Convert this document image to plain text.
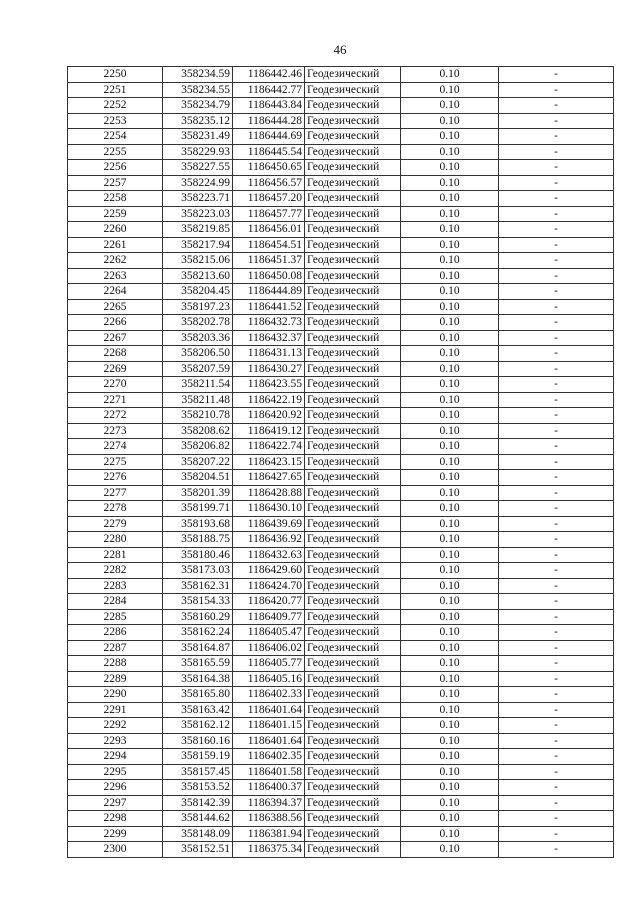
46
2250	358234.59	1186442.46	Геодезический	0.10	-
2251	358234.55	1186442.77	Геодезический	0.10	-
2252	358234.79	1186443.84	Геодезический	0.10	-
2253	358235.12	1186444.28	Геодезический	0.10	-
2254	358231.49	1186444.69	Геодезический	0.10	-
2255	358229.93	1186445.54	Геодезический	0.10	-
2256	358227.55	1186450.65	Геодезический	0.10	-
2257	358224.99	1186456.57	Геодезический	0.10	-
2258	358223.71	1186457.20	Геодезический	0.10	-
2259	358223.03	1186457.77	Геодезический	0.10	-
2260	358219.85	1186456.01	Геодезический	0.10	-
2261	358217.94	1186454.51	Геодезический	0.10	-
2262	358215.06	1186451.37	Геодезический	0.10	-
2263	358213.60	1186450.08	Геодезический	0.10	-
2264	358204.45	1186444.89	Геодезический	0.10	-
2265	358197.23	1186441.52	Геодезический	0.10	-
2266	358202.78	1186432.73	Геодезический	0.10	-
2267	358203.36	1186432.37	Геодезический	0.10	-
2268	358206.50	1186431.13	Геодезический	0.10	-
2269	358207.59	1186430.27	Геодезический	0.10	-
2270	358211.54	1186423.55	Геодезический	0.10	-
2271	358211.48	1186422.19	Геодезический	0.10	-
2272	358210.78	1186420.92	Геодезический	0.10	-
2273	358208.62	1186419.12	Геодезический	0.10	-
2274	358206.82	1186422.74	Геодезический	0.10	-
2275	358207.22	1186423.15	Геодезический	0.10	-
2276	358204.51	1186427.65	Геодезический	0.10	-
2277	358201.39	1186428.88	Геодезический	0.10	-
2278	358199.71	1186430.10	Геодезический	0.10	-
2279	358193.68	1186439.69	Геодезический	0.10	-
2280	358188.75	1186436.92	Геодезический	0.10	-
2281	358180.46	1186432.63	Геодезический	0.10	-
2282	358173.03	1186429.60	Геодезический	0.10	-
2283	358162.31	1186424.70	Геодезический	0.10	-
2284	358154.33	1186420.77	Геодезический	0.10	-
2285	358160.29	1186409.77	Геодезический	0.10	-
2286	358162.24	1186405.47	Геодезический	0.10	-
2287	358164.87	1186406.02	Геодезический	0.10	-
2288	358165.59	1186405.77	Геодезический	0.10	-
2289	358164.38	1186405.16	Геодезический	0.10	-
2290	358165.80	1186402.33	Геодезический	0.10	-
2291	358163.42	1186401.64	Геодезический	0.10	-
2292	358162.12	1186401.15	Геодезический	0.10	-
2293	358160.16	1186401.64	Геодезический	0.10	-
2294	358159.19	1186402.35	Геодезический	0.10	-
2295	358157.45	1186401.58	Геодезический	0.10	-
2296	358153.52	1186400.37	Геодезический	0.10	-
2297	358142.39	1186394.37	Геодезический	0.10	-
2298	358144.62	1186388.56	Геодезический	0.10	-
2299	358148.09	1186381.94	Геодезический	0.10	-
2300	358152.51	1186375.34	Геодезический	0.10	-
